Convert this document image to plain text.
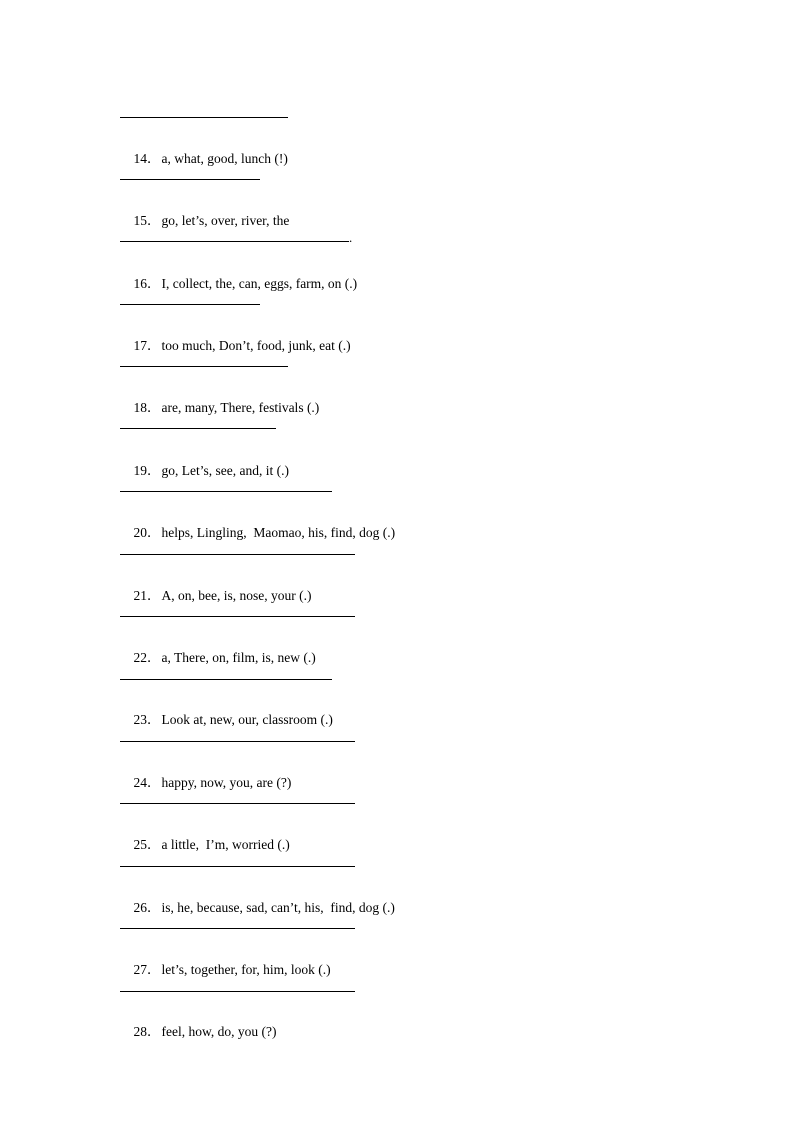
14．a, what, good, lunch (!)

15．go, let’s, over, river, the

.

16．I, collect, the, can, eggs, farm, on (.)

17．too much, Don’t, food, junk, eat (.)

18．are, many, There, festivals (.)

19．go, Let’s, see, and, it (.)

20．helps, Lingling,  Maomao, his, find, dog (.)

21．A, on, bee, is, nose, your (.)

22．a, There, on, film, is, new (.)

23．Look at, new, our, classroom (.)

24．happy, now, you, are (?)

25．a little,  I’m, worried (.)

26．is, he, because, sad, can’t, his,  find, dog (.)

27．let’s, together, for, him, look (.)

28．feel, how, do, you (?)
